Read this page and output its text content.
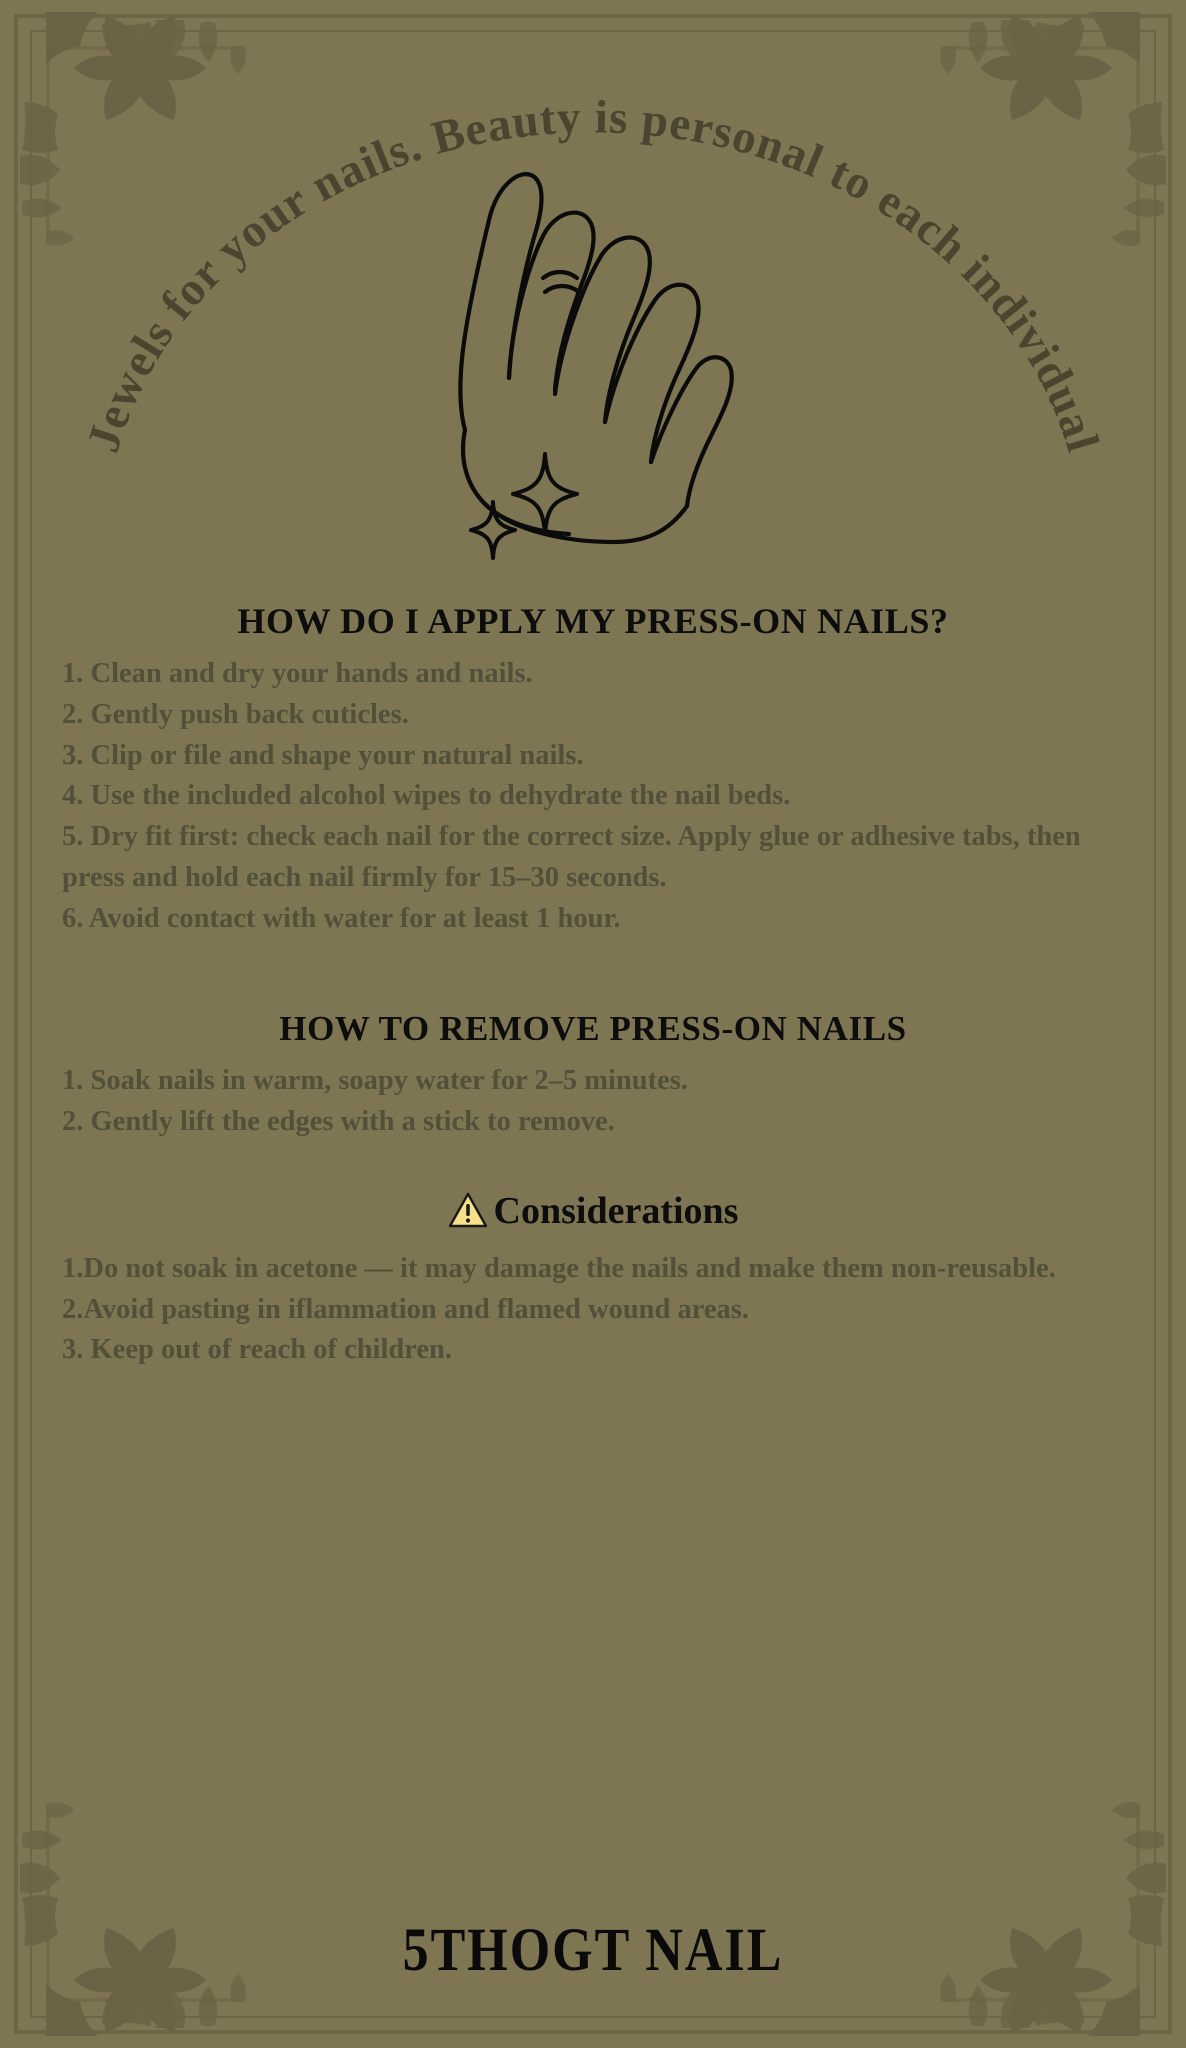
Jewels for your nails. Beauty is personal to each individual
HOW DO I APPLY MY PRESS-ON NAILS?
1. Clean and dry your hands and nails.
2. Gently push back cuticles.
3. Clip or file and shape your natural nails.
4. Use the included alcohol wipes to dehydrate the nail beds.
5. Dry fit first: check each nail for the correct size. Apply glue or adhesive tabs, then press and hold each nail firmly for 15–30 seconds.
6. Avoid contact with water for at least 1 hour.
HOW TO REMOVE PRESS-ON NAILS
1. Soak nails in warm, soapy water for 2–5 minutes.
2. Gently lift the edges with a stick to remove.
Considerations
1.Do not soak in acetone — it may damage the nails and make them non-reusable.
2.Avoid pasting in iflammation and flamed wound areas.
3. Keep out of reach of children.
5THOGT NAIL
